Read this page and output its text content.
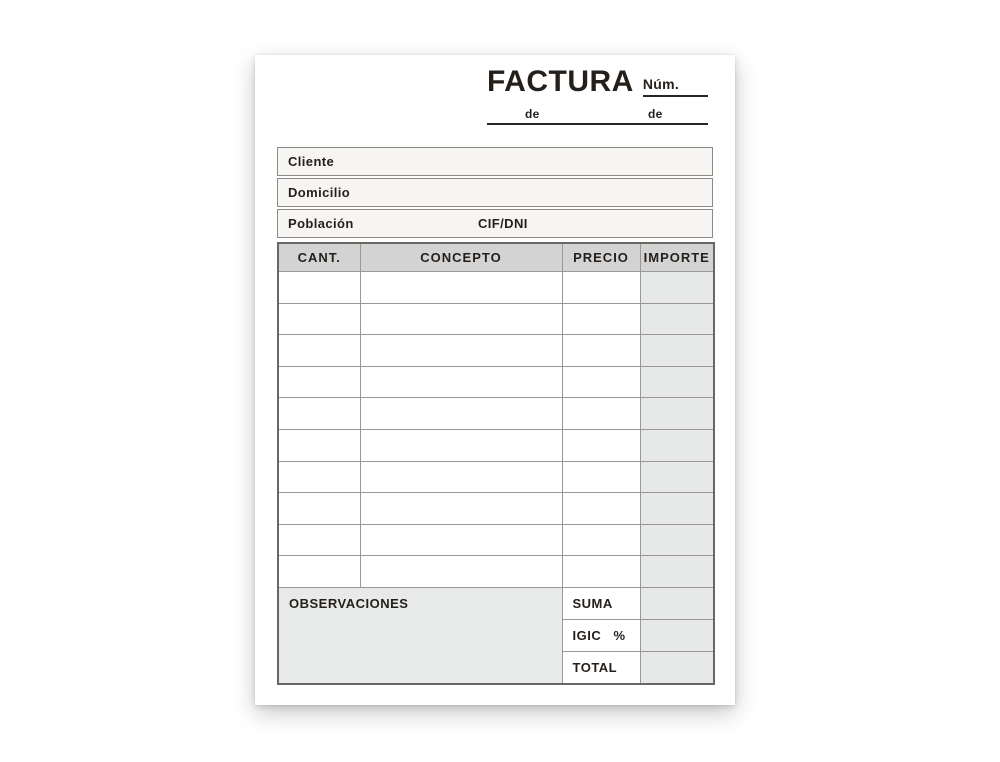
FACTURA Núm.
de	de
Cliente
Domicilio
Población	CIF/DNI
CANT.	CONCEPTO	PRECIO	IMPORTE

OBSERVACIONES		SUMA	

		IGIC %	

		TOTAL	
